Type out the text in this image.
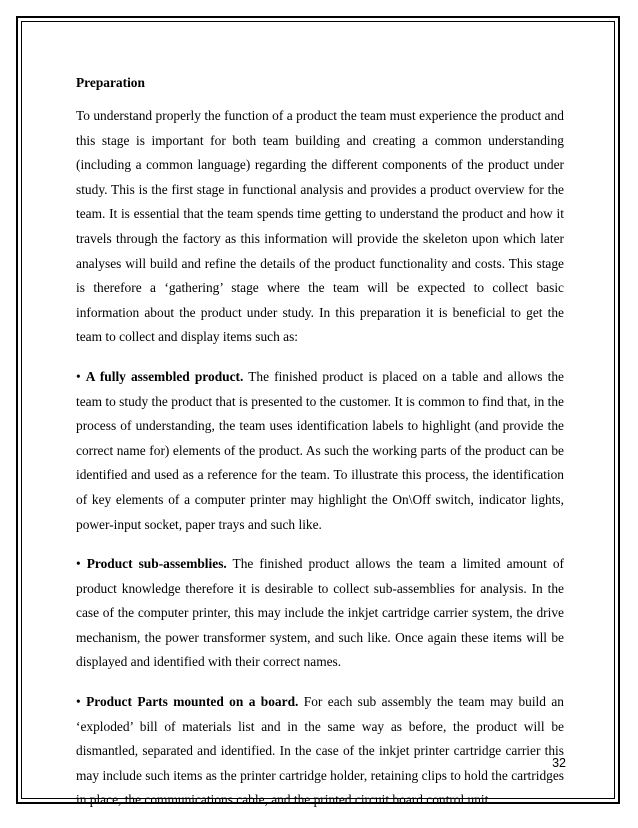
Preparation

To understand properly the function of a product the team must experience the product and this stage is important for both team building and creating a common understanding (including a common language) regarding the different components of the product under study. This is the first stage in functional analysis and provides a product overview for the team. It is essential that the team spends time getting to understand the product and how it travels through the factory as this information will provide the skeleton upon which later analyses will build and refine the details of the product functionality and costs. This stage is therefore a ‘gathering’ stage where the team will be expected to collect basic information about the product under study. In this preparation it is beneficial to get the team to collect and display items such as:

• A fully assembled product. The finished product is placed on a table and allows the team to study the product that is presented to the customer. It is common to find that, in the process of understanding, the team uses identification labels to highlight (and provide the correct name for) elements of the product. As such the working parts of the product can be identified and used as a reference for the team. To illustrate this process, the identification of key elements of a computer printer may highlight the On\Off switch, indicator lights, power-input socket, paper trays and such like.

• Product sub-assemblies. The finished product allows the team a limited amount of product knowledge therefore it is desirable to collect sub-assemblies for analysis. In the case of the computer printer, this may include the inkjet cartridge carrier system, the drive mechanism, the power transformer system, and such like. Once again these items will be displayed and identified with their correct names.

• Product Parts mounted on a board. For each sub assembly the team may build an ‘exploded’ bill of materials list and in the same way as before, the product will be dismantled, separated and identified. In the case of the inkjet printer cartridge carrier this may include such items as the printer cartridge holder, retaining clips to hold the cartridges in place, the communications cable, and the printed circuit board control unit.

32
